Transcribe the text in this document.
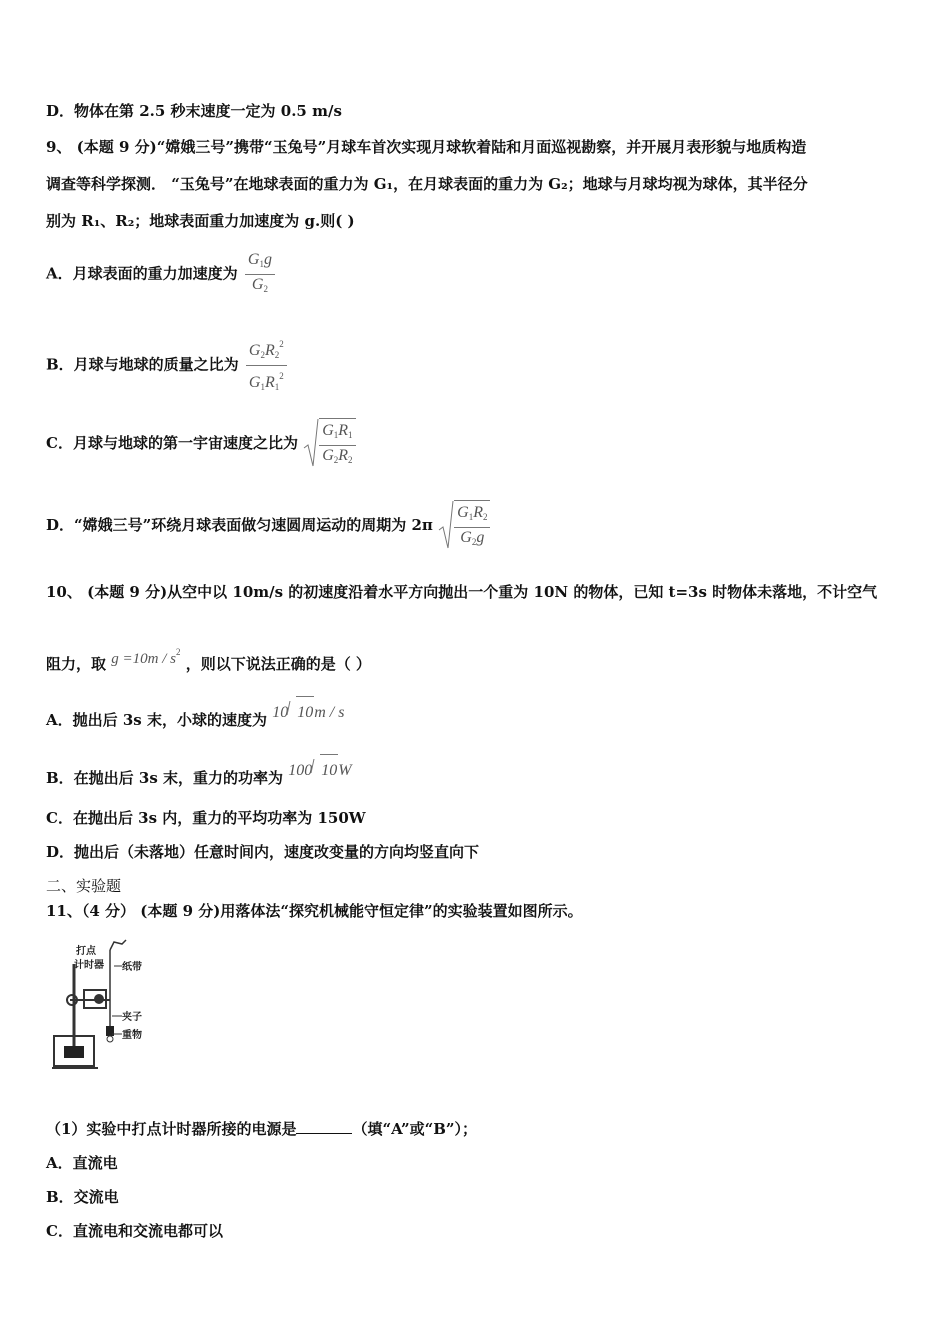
D．物体在第 2.5 秒末速度一定为 0.5 m/s
9、 (本题 9 分)“嫦娥三号”携带“玉兔号”月球车首次实现月球软着陆和月面巡视勘察，并开展月表形貌与地质构造
调查等科学探测． “玉兔号”在地球表面的重力为 G₁，在月球表面的重力为 G₂；地球与月球均视为球体，其半径分
别为 R₁、R₂；地球表面重力加速度为 g.则( )
A．月球表面的重力加速度为 $\frac{G_1g}{G_2}$
B．月球与地球的质量之比为 $\frac{G_2R_2^2}{G_1R_1^2}$
C．月球与地球的第一宇宙速度之比为 $\frac{G_1R_1}{G_2R_2}$
D．“嫦娥三号”环绕月球表面做匀速圆周运动的周期为 $2\pi \frac{G_1R_2}{G_2g}$
10、 (本题 9 分)从空中以 10m/s 的初速度沿着水平方向抛出一个重为 10N 的物体，已知 t=3s 时物体未落地，不计空气
阻力，取 $g =10m / s^2$ ，则以下说法正确的是（ ）
A．抛出后 3s 末，小球的速度为 10 10m / s
B．在抛出后 3s 末，重力的功率为 100 10W
C．在抛出后 3s 内，重力的平均功率为 150W
D．抛出后（未落地）任意时间内，速度改变量的方向均竖直向下
二、实验题
11、（4 分） (本题 9 分)用落体法“探究机械能守恒定律”的实验装置如图所示。
打点
计时器 纸带
夹子
重物
（1）实验中打点计时器所接的电源是	（填“A”或“B”）；
A．直流电
B．交流电
C．直流电和交流电都可以
